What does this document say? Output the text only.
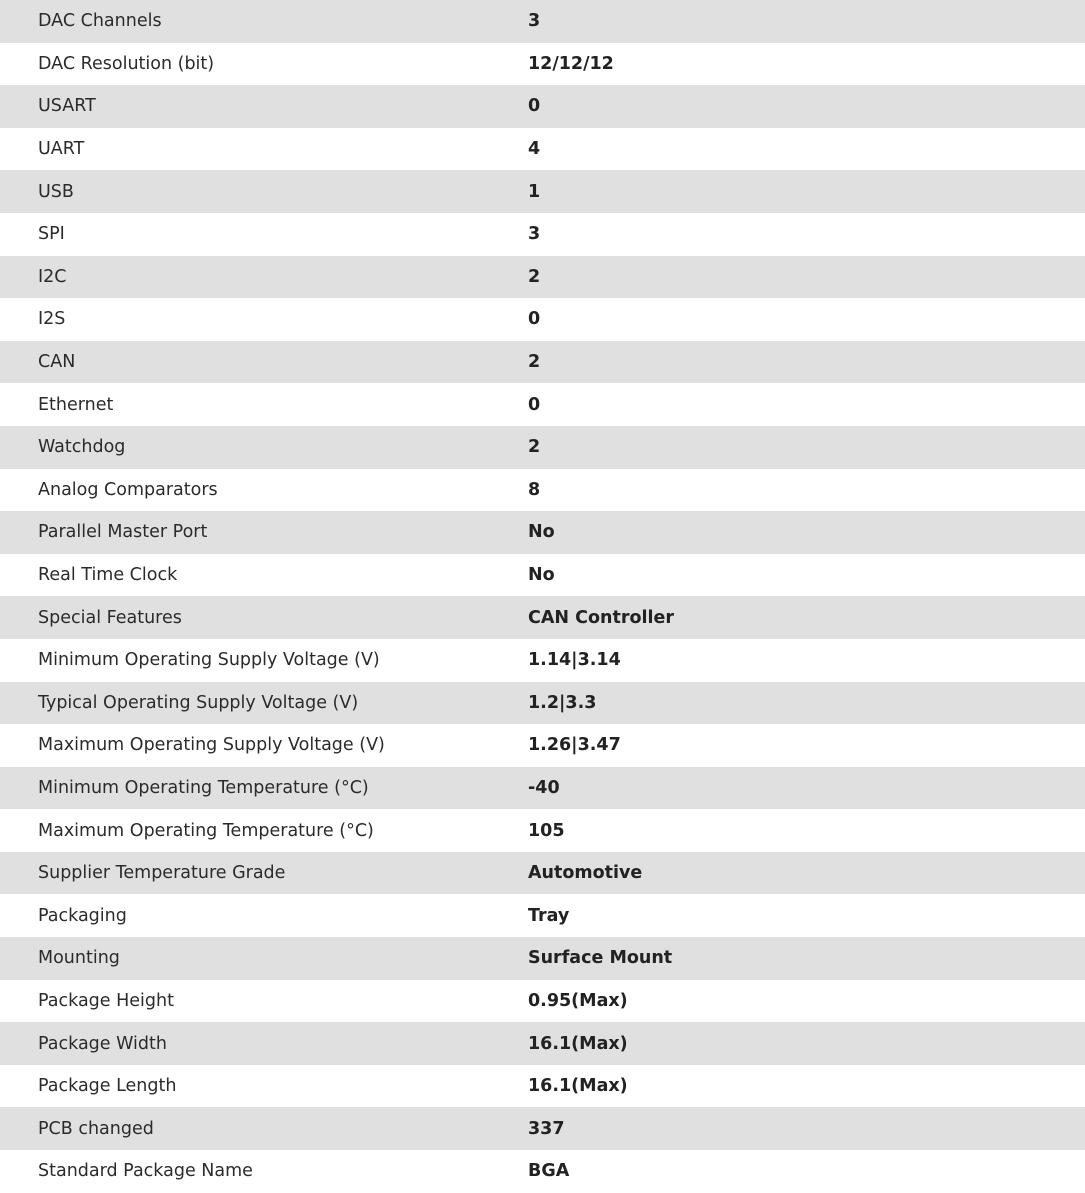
DAC Channels	3
DAC Resolution (bit)	12/12/12
USART	0
UART	4
USB	1
SPI	3
I2C	2
I2S	0
CAN	2
Ethernet	0
Watchdog	2
Analog Comparators	8
Parallel Master Port	No
Real Time Clock	No
Special Features	CAN Controller
Minimum Operating Supply Voltage (V)	1.14|3.14
Typical Operating Supply Voltage (V)	1.2|3.3
Maximum Operating Supply Voltage (V)	1.26|3.47
Minimum Operating Temperature (°C)	-40
Maximum Operating Temperature (°C)	105
Supplier Temperature Grade	Automotive
Packaging	Tray
Mounting	Surface Mount
Package Height	0.95(Max)
Package Width	16.1(Max)
Package Length	16.1(Max)
PCB changed	337
Standard Package Name	BGA
